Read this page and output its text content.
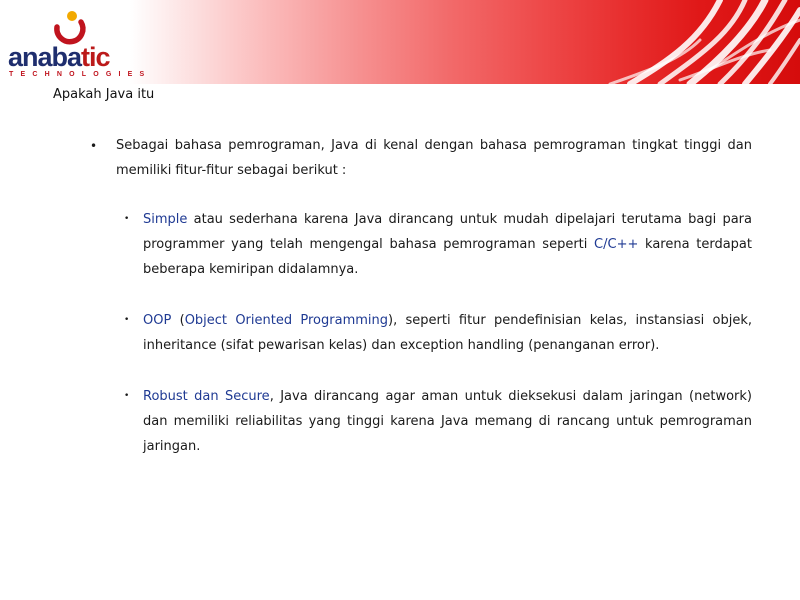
anabatic
TECHNOLOGIES
Apakah Java itu
• Sebagai bahasa pemrograman, Java di kenal dengan bahasa pemrograman tingkat tinggi dan memiliki fitur-fitur sebagai berikut :
• Simple atau sederhana karena Java dirancang untuk mudah dipelajari terutama bagi para programmer yang telah mengengal bahasa pemrograman seperti C/C++ karena terdapat beberapa kemiripan didalamnya.
• OOP (Object Oriented Programming), seperti fitur pendefinisian kelas, instansiasi objek, inheritance (sifat pewarisan kelas) dan exception handling (penanganan error).
• Robust dan Secure, Java dirancang agar aman untuk dieksekusi dalam jaringan (network) dan memiliki reliabilitas yang tinggi karena Java memang di rancang untuk pemrograman jaringan.
